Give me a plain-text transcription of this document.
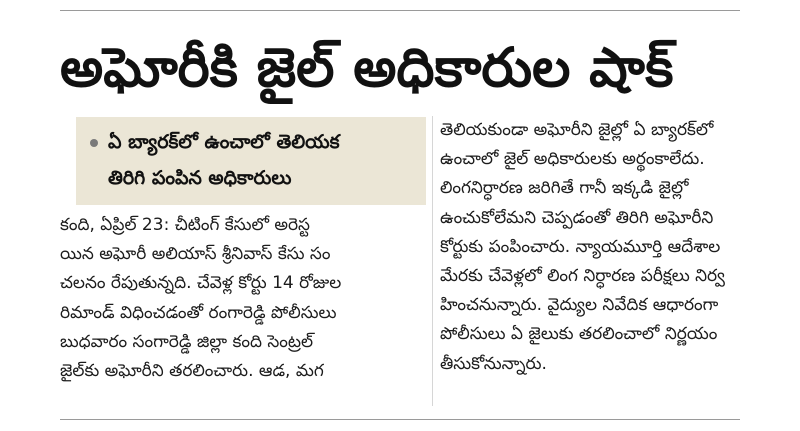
అఘోరీకి జైల్ అధికారుల షాక్
ఏ బ్యారక్‌లో ఉంచాలో తెలియక
తిరిగి పంపిన అధికారులు
కంది, ఏప్రిల్ 23: చీటింగ్ కేసులో అరెస్ట
యిన అఘోరీ అలియాస్ శ్రీనివాస్ కేసు సం
చలనం రేపుతున్నది. చేవెళ్ల కోర్టు 14 రోజుల
రిమాండ్ విధించడంతో రంగారెడ్డి పోలీసులు
బుధవారం సంగారెడ్డి జిల్లా కంది సెంట్రల్
జైల్‌కు అఘోరీని తరలించారు. ఆడ, మగ
తెలియకుండా అఘోరీని జైల్లో ఏ బ్యారక్‌లో
ఉంచాలో జైల్ అధికారులకు అర్థంకాలేదు.
లింగనిర్ధారణ జరిగితే గానీ ఇక్కడి జైల్లో
ఉంచుకోలేమని చెప్పడంతో తిరిగి అఘోరీని
కోర్టుకు పంపించారు. న్యాయమూర్తి ఆదేశాల
మేరకు చేవెళ్లలో లింగ నిర్ధారణ పరీక్షలు నిర్వ
హించనున్నారు. వైద్యుల నివేదిక ఆధారంగా
పోలీసులు ఏ జైలుకు తరలించాలో నిర్ణయం
తీసుకోనున్నారు.
